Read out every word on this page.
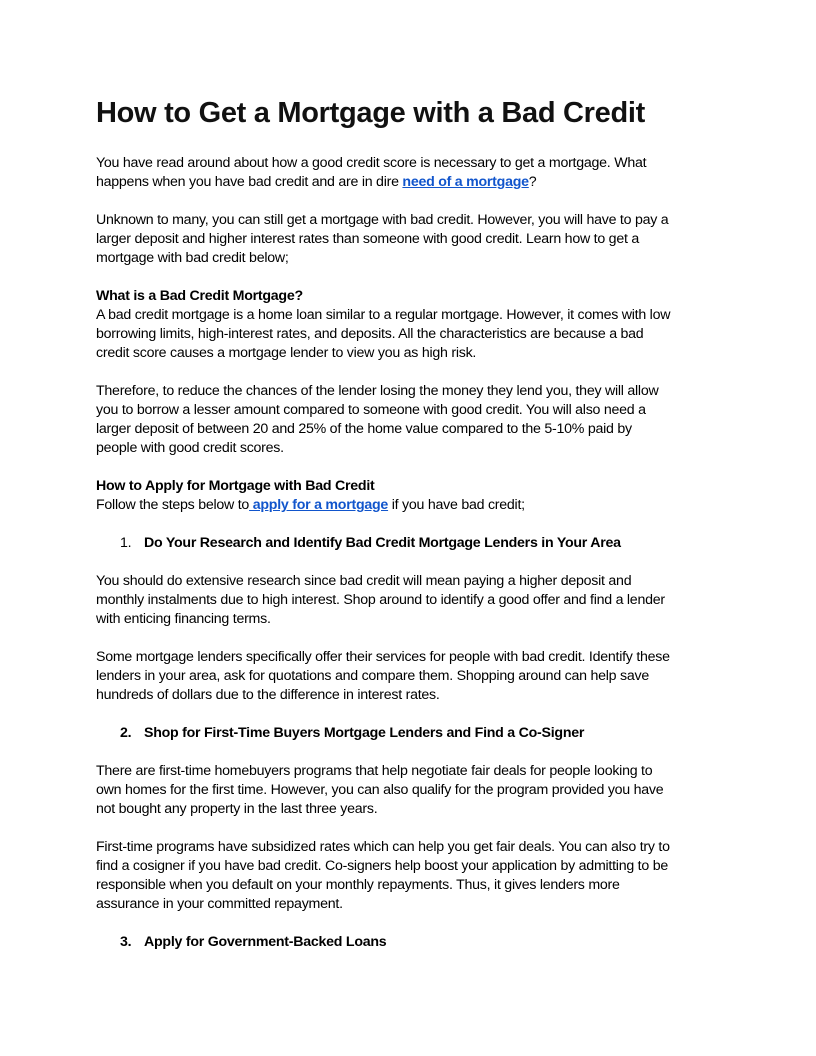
How to Get a Mortgage with a Bad Credit
You have read around about how a good credit score is necessary to get a mortgage. What
happens when you have bad credit and are in dire need of a mortgage?
Unknown to many, you can still get a mortgage with bad credit. However, you will have to pay a
larger deposit and higher interest rates than someone with good credit. Learn how to get a
mortgage with bad credit below;
What is a Bad Credit Mortgage?
A bad credit mortgage is a home loan similar to a regular mortgage. However, it comes with low
borrowing limits, high-interest rates, and deposits. All the characteristics are because a bad
credit score causes a mortgage lender to view you as high risk.
Therefore, to reduce the chances of the lender losing the money they lend you, they will allow
you to borrow a lesser amount compared to someone with good credit. You will also need a
larger deposit of between 20 and 25% of the home value compared to the 5-10% paid by
people with good credit scores.
How to Apply for Mortgage with Bad Credit
Follow the steps below to apply for a mortgage if you have bad credit;
1. Do Your Research and Identify Bad Credit Mortgage Lenders in Your Area
You should do extensive research since bad credit will mean paying a higher deposit and
monthly instalments due to high interest. Shop around to identify a good offer and find a lender
with enticing financing terms.
Some mortgage lenders specifically offer their services for people with bad credit. Identify these
lenders in your area, ask for quotations and compare them. Shopping around can help save
hundreds of dollars due to the difference in interest rates.
2. Shop for First-Time Buyers Mortgage Lenders and Find a Co-Signer
There are first-time homebuyers programs that help negotiate fair deals for people looking to
own homes for the first time. However, you can also qualify for the program provided you have
not bought any property in the last three years.
First-time programs have subsidized rates which can help you get fair deals. You can also try to
find a cosigner if you have bad credit. Co-signers help boost your application by admitting to be
responsible when you default on your monthly repayments. Thus, it gives lenders more
assurance in your committed repayment.
3. Apply for Government-Backed Loans
